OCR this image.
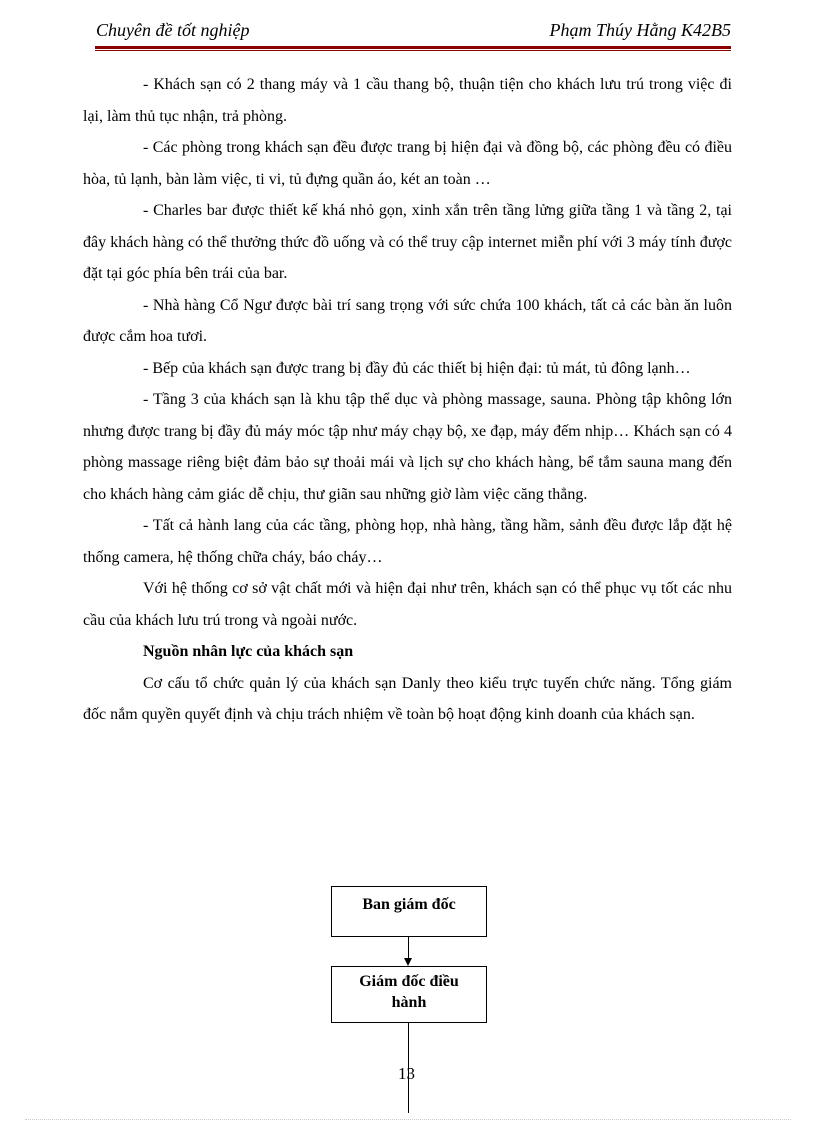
Chuyên đề tốt nghiệp	Phạm Thúy Hằng K42B5

- Khách sạn có 2 thang máy và 1 cầu thang bộ, thuận tiện cho khách lưu trú trong việc đi lại, làm thủ tục nhận, trả phòng.

- Các phòng trong khách sạn đều được trang bị hiện đại và đồng bộ, các phòng đều có điều hòa, tủ lạnh, bàn làm việc, ti vi, tủ đựng quần áo, két an toàn …

- Charles bar được thiết kế khá nhỏ gọn, xinh xắn trên tầng lửng giữa tầng 1 và tầng 2, tại đây khách hàng có thể thưởng thức đồ uống và có thể truy cập internet miễn phí với 3 máy tính được đặt tại góc phía bên trái của bar.

- Nhà hàng Cổ Ngư được bài trí sang trọng với sức chứa 100 khách, tất cả các bàn ăn luôn được cắm hoa tươi.

- Bếp của khách sạn được trang bị đầy đủ các thiết bị hiện đại: tủ mát, tủ đông lạnh…

- Tầng 3 của khách sạn là khu tập thể dục và phòng massage, sauna. Phòng tập không lớn nhưng được trang bị đầy đủ máy móc tập như máy chạy bộ, xe đạp, máy đếm nhịp… Khách sạn có 4 phòng massage riêng biệt đảm bảo sự thoải mái và lịch sự cho khách hàng, bể tắm sauna mang đến cho khách hàng cảm giác dễ chịu, thư giãn sau những giờ làm việc căng thẳng.

- Tất cả hành lang của các tầng, phòng họp, nhà hàng, tầng hầm, sảnh đều được lắp đặt hệ thống camera, hệ thống chữa cháy, báo cháy…

Với hệ thống cơ sở vật chất mới và hiện đại như trên, khách sạn có thể phục vụ tốt các nhu cầu của khách lưu trú trong và ngoài nước.

Nguồn nhân lực của khách sạn

Cơ cấu tổ chức quản lý của khách sạn Danly theo kiểu trực tuyến chức năng. Tổng giám đốc nắm quyền quyết định và chịu trách nhiệm về toàn bộ hoạt động kinh doanh của khách sạn.

Ban giám đốc
Giám đốc điều
hành
13
